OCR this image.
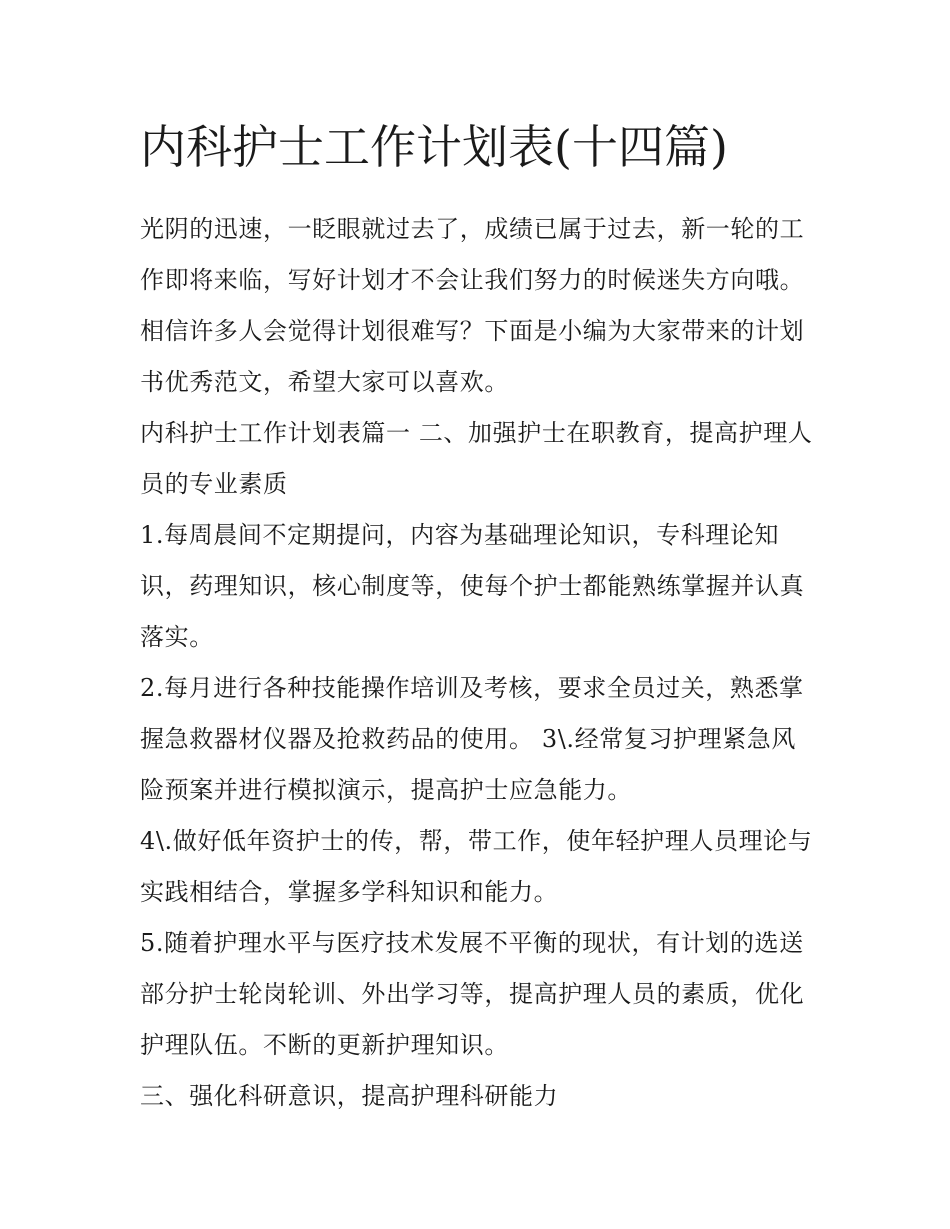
内科护士工作计划表(十四篇)

光阴的迅速，一眨眼就过去了，成绩已属于过去，新一轮的工作即将来临，写好计划才不会让我们努力的时候迷失方向哦。相信许多人会觉得计划很难写？下面是小编为大家带来的计划书优秀范文，希望大家可以喜欢。

内科护士工作计划表篇一 二、加强护士在职教育，提高护理人员的专业素质

1.每周晨间不定期提问，内容为基础理论知识，专科理论知识，药理知识，核心制度等，使每个护士都能熟练掌握并认真落实。

2.每月进行各种技能操作培训及考核，要求全员过关，熟悉掌握急救器材仪器及抢救药品的使用。 3\.经常复习护理紧急风险预案并进行模拟演示，提高护士应急能力。

4\.做好低年资护士的传，帮，带工作，使年轻护理人员理论与实践相结合，掌握多学科知识和能力。

5.随着护理水平与医疗技术发展不平衡的现状，有计划的选送部分护士轮岗轮训、外出学习等，提高护理人员的素质，优化护理队伍。不断的更新护理知识。

三、强化科研意识，提高护理科研能力
